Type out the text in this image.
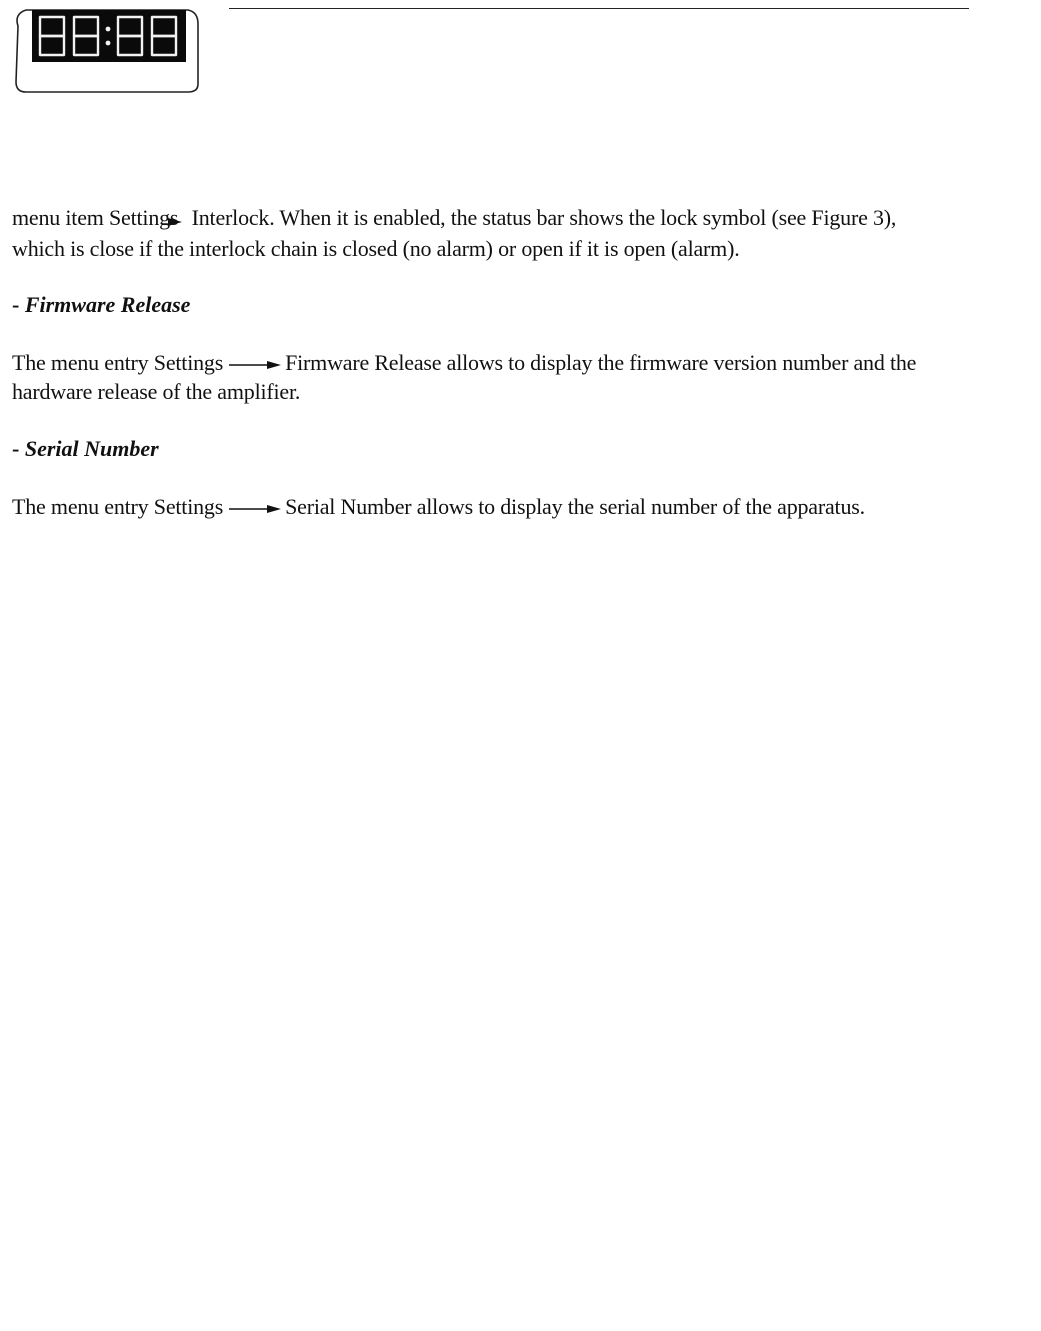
menu item Settings Interlock. When it is enabled, the status bar shows the lock symbol (see Figure 3),
which is close if the interlock chain is closed (no alarm) or open if it is open (alarm).

- Firmware Release

The menu entry Settings	Firmware Release allows to display the firmware version number and the
hardware release of the amplifier.

- Serial Number

The menu entry Settings	Serial Number allows to display the serial number of the apparatus.
